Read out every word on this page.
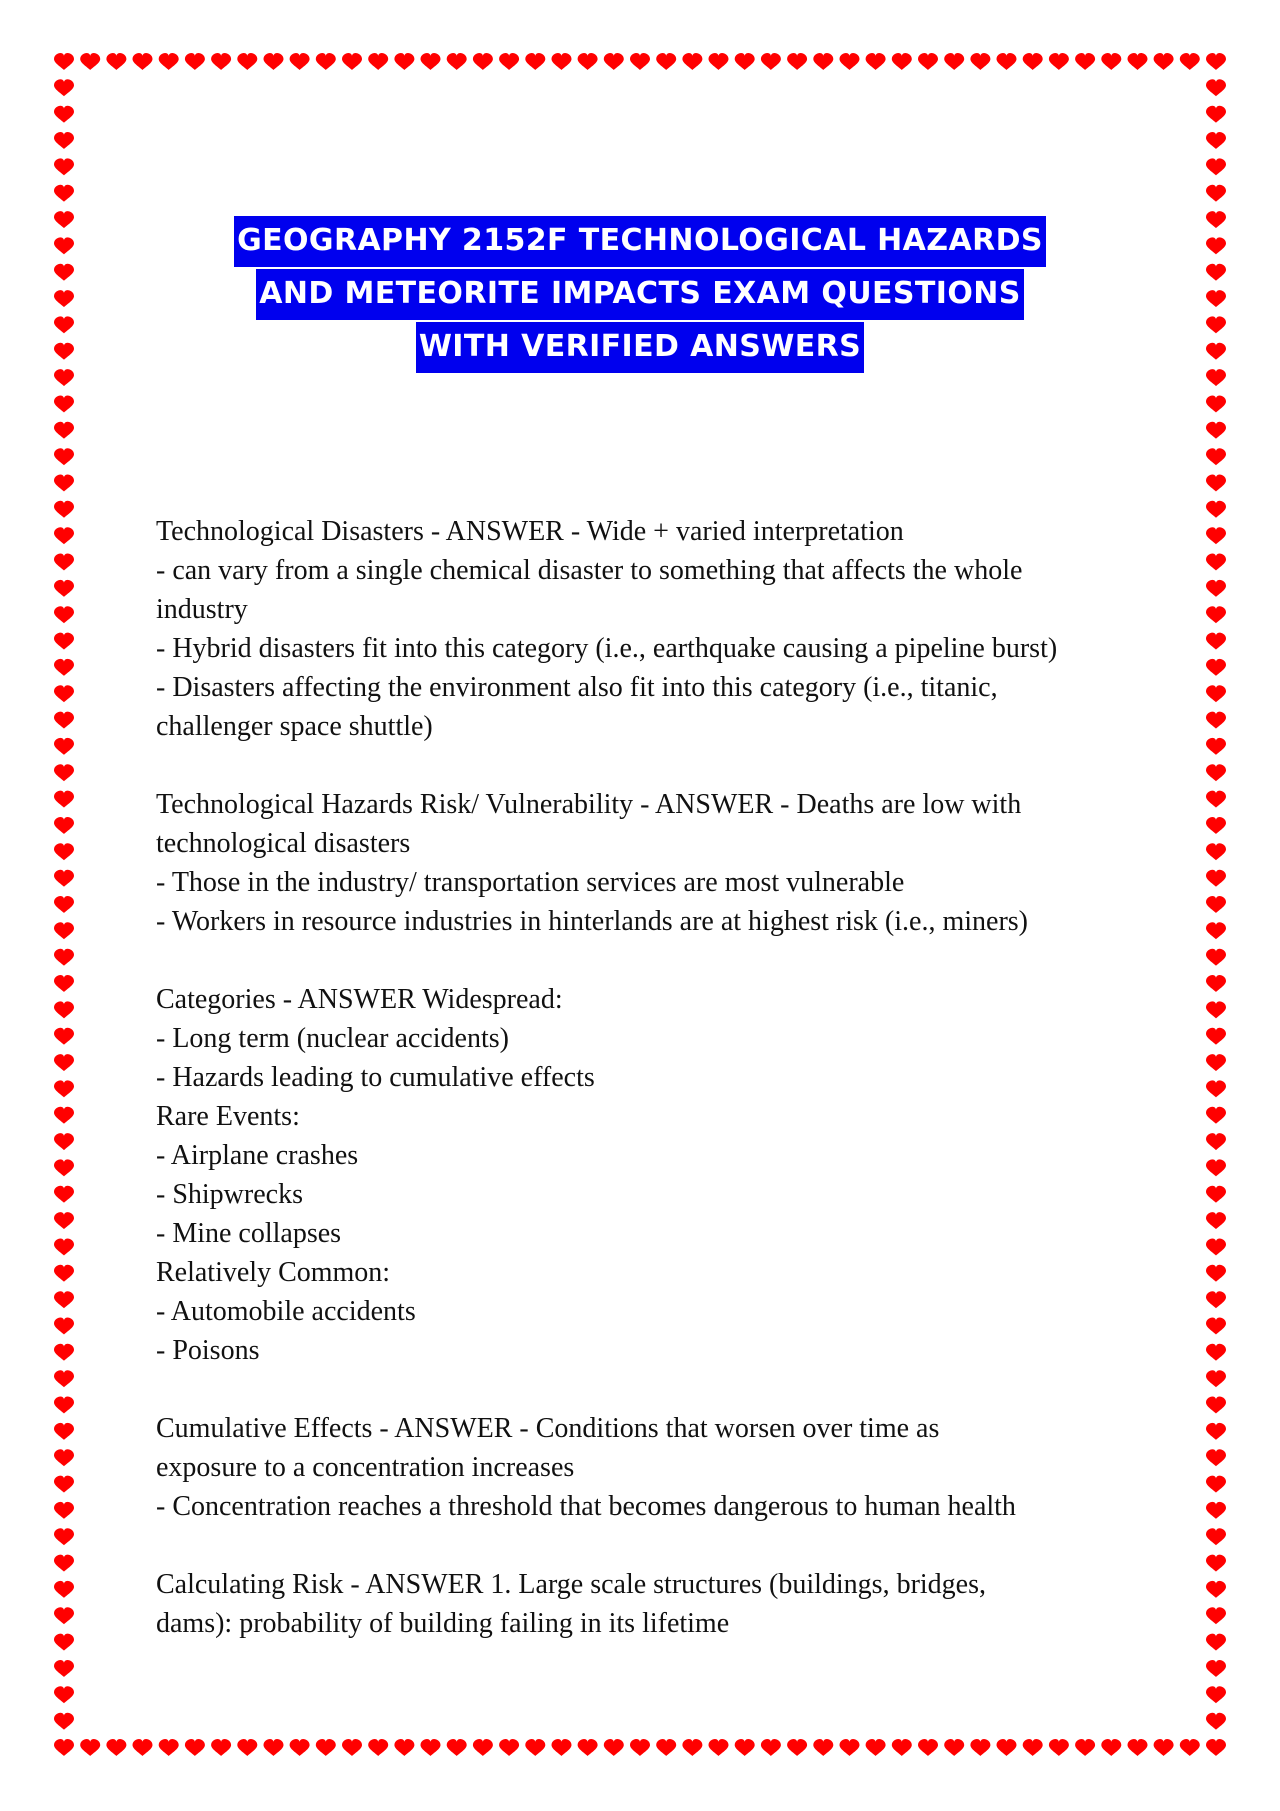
GEOGRAPHY 2152F TECHNOLOGICAL HAZARDS
AND METEORITE IMPACTS EXAM QUESTIONS
WITH VERIFIED ANSWERS
Technological Disasters - ANSWER - Wide + varied interpretation
- can vary from a single chemical disaster to something that affects the whole
industry
- Hybrid disasters fit into this category (i.e., earthquake causing a pipeline burst)
- Disasters affecting the environment also fit into this category (i.e., titanic,
challenger space shuttle)
Technological Hazards Risk/ Vulnerability - ANSWER - Deaths are low with
technological disasters
- Those in the industry/ transportation services are most vulnerable
- Workers in resource industries in hinterlands are at highest risk (i.e., miners)
Categories - ANSWER Widespread:
- Long term (nuclear accidents)
- Hazards leading to cumulative effects
Rare Events:
- Airplane crashes
- Shipwrecks
- Mine collapses
Relatively Common:
- Automobile accidents
- Poisons
Cumulative Effects - ANSWER - Conditions that worsen over time as
exposure to a concentration increases
- Concentration reaches a threshold that becomes dangerous to human health
Calculating Risk - ANSWER 1. Large scale structures (buildings, bridges,
dams): probability of building failing in its lifetime
